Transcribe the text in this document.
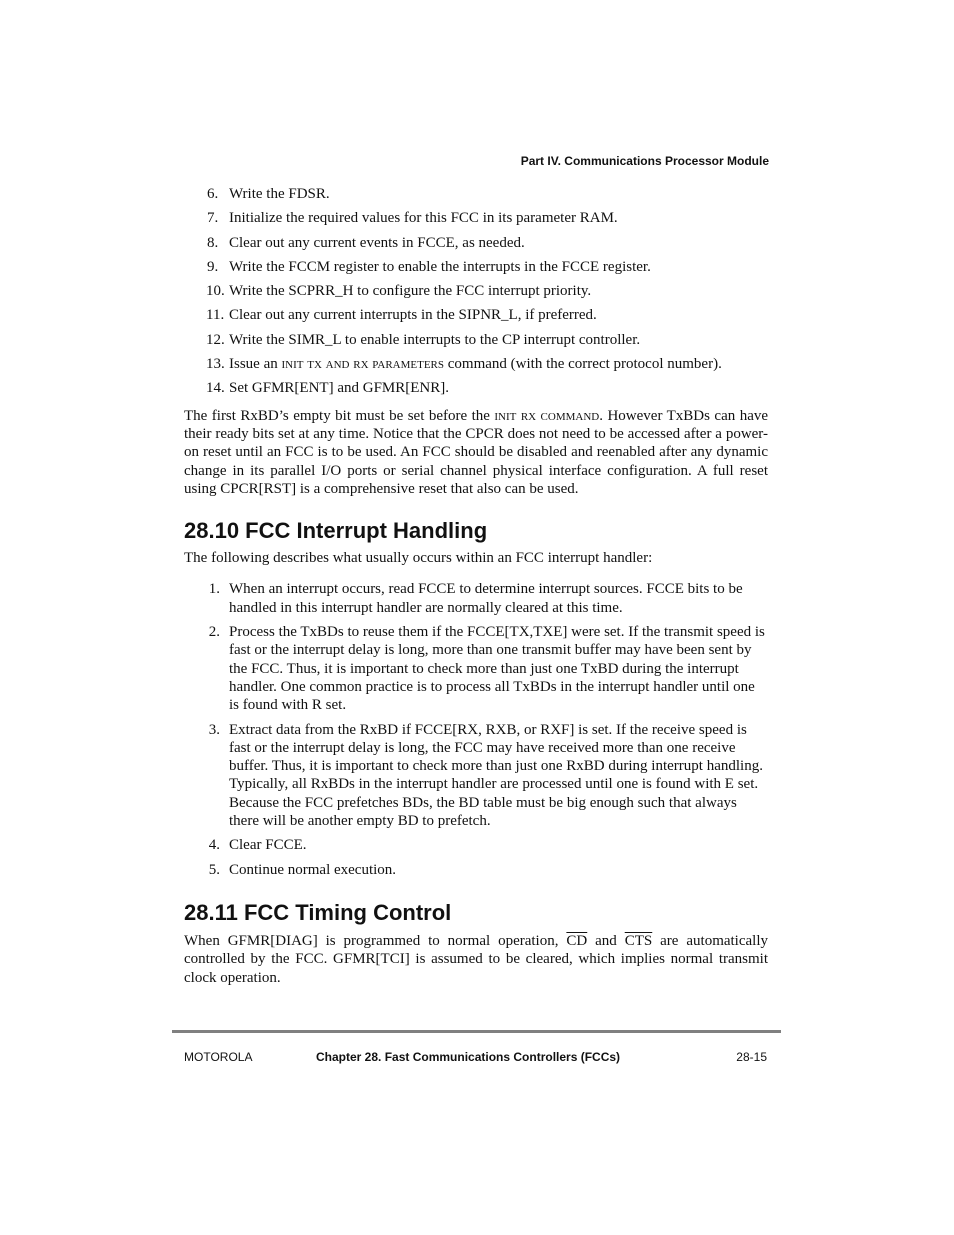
Part IV. Communications Processor Module
6. Write the FDSR.
7. Initialize the required values for this FCC in its parameter RAM.
8. Clear out any current events in FCCE, as needed.
9. Write the FCCM register to enable the interrupts in the FCCE register.
10. Write the SCPRR_H to configure the FCC interrupt priority.
11. Clear out any current interrupts in the SIPNR_L, if preferred.
12. Write the SIMR_L to enable interrupts to the CP interrupt controller.
13. Issue an init tx and rx parameters command (with the correct protocol number).
14. Set GFMR[ENT] and GFMR[ENR].

The first RxBD’s empty bit must be set before the init rx command. However TxBDs can have their ready bits set at any time. Notice that the CPCR does not need to be accessed after a power-on reset until an FCC is to be used. An FCC should be disabled and reenabled after any dynamic change in its parallel I/O ports or serial channel physical interface configuration. A full reset using CPCR[RST] is a comprehensive reset that also can be used.

28.10 FCC Interrupt Handling

The following describes what usually occurs within an FCC interrupt handler:

1. When an interrupt occurs, read FCCE to determine interrupt sources. FCCE bits to be handled in this interrupt handler are normally cleared at this time.
2. Process the TxBDs to reuse them if the FCCE[TX,TXE] were set. If the transmit speed is fast or the interrupt delay is long, more than one transmit buffer may have been sent by the FCC. Thus, it is important to check more than just one TxBD during the interrupt handler. One common practice is to process all TxBDs in the interrupt handler until one is found with R set.
3. Extract data from the RxBD if FCCE[RX, RXB, or RXF] is set. If the receive speed is fast or the interrupt delay is long, the FCC may have received more than one receive buffer. Thus, it is important to check more than just one RxBD during interrupt handling. Typically, all RxBDs in the interrupt handler are processed until one is found with E set. Because the FCC prefetches BDs, the BD table must be big enough such that always there will be another empty BD to prefetch.
4. Clear FCCE.
5. Continue normal execution.
28.11 FCC Timing Control

When GFMR[DIAG] is programmed to normal operation, $\overline{CD}$ and $\overline{CTS}$ are automatically controlled by the FCC. GFMR[TCI] is assumed to be cleared, which implies normal transmit clock operation.

MOTOROLA	Chapter 28. Fast Communications Controllers (FCCs)	28-15
